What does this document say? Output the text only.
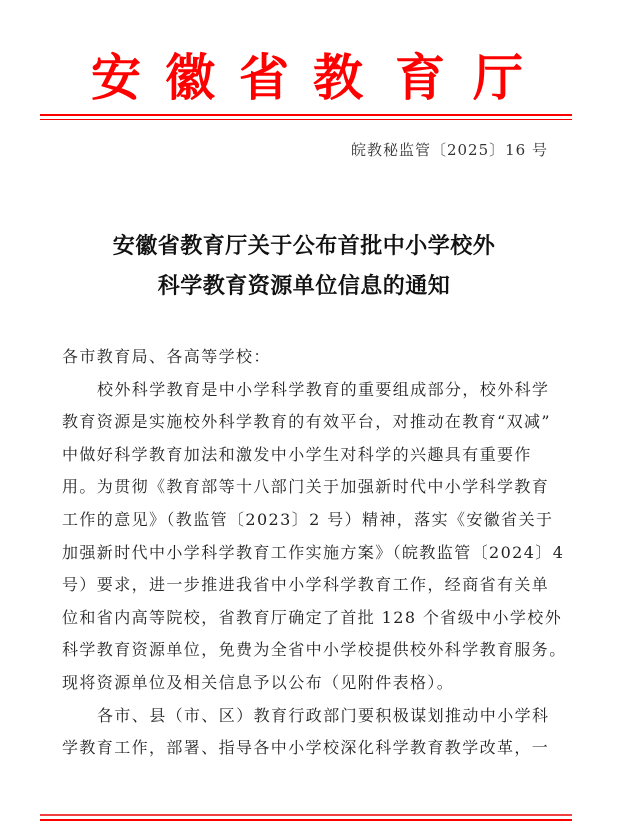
安 徽 省 教 育 厅
皖教秘监管〔2025〕16 号
安徽省教育厅关于公布首批中小学校外
科学教育资源单位信息的通知
各市教育局、各高等学校：
校外科学教育是中小学科学教育的重要组成部分，校外科学
教育资源是实施校外科学教育的有效平台，对推动在教育“双减”
中做好科学教育加法和激发中小学生对科学的兴趣具有重要作
用。为贯彻《教育部等十八部门关于加强新时代中小学科学教育
工作的意见》（教监管〔2023〕2 号）精神，落实《安徽省关于
加强新时代中小学科学教育工作实施方案》（皖教监管〔2024〕4
号）要求，进一步推进我省中小学科学教育工作，经商省有关单
位和省内高等院校，省教育厅确定了首批 128 个省级中小学校外
科学教育资源单位，免费为全省中小学校提供校外科学教育服务。
现将资源单位及相关信息予以公布（见附件表格）。
各市、县（市、区）教育行政部门要积极谋划推动中小学科
学教育工作，部署、指导各中小学校深化科学教育教学改革，一
